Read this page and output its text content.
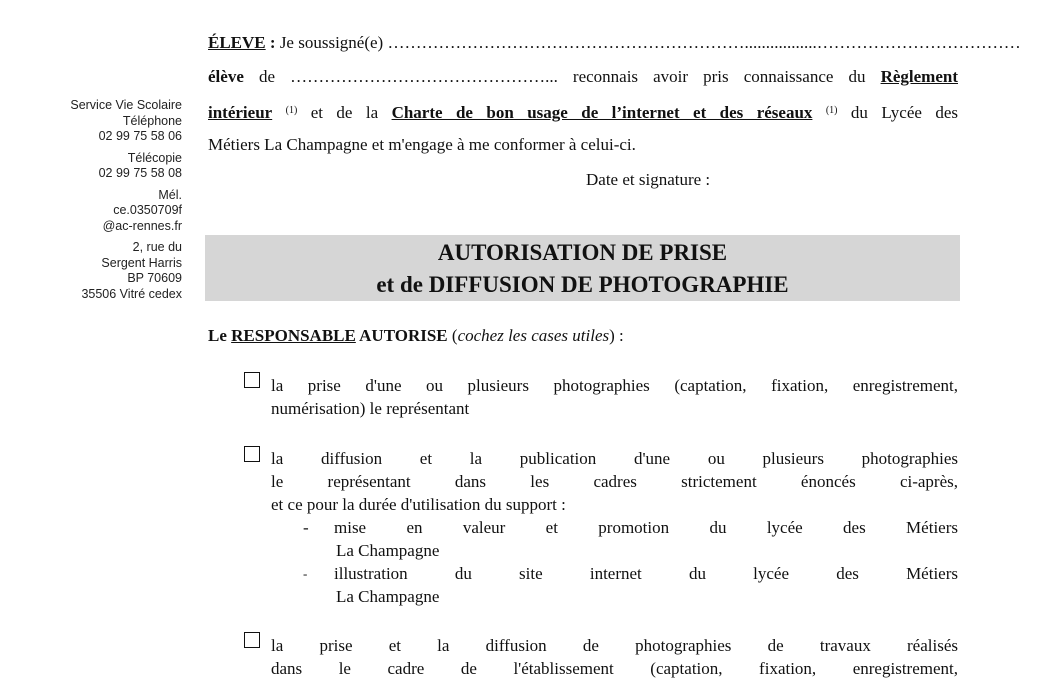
Service Vie Scolaire
Téléphone
02 99 75 58 06
Télécopie
02 99 75 58 08
Mél.
ce.0350709f
@ac-rennes.fr
2, rue du
Sergent Harris
BP 70609
35506 Vitré cedex
ÉLEVE : Je soussigné(e) ……………………………………………………….................………………………………
élève de ………………………………………... reconnais avoir pris connaissance du Règlement
intérieur $^{(1)}$ et de la Charte de bon usage de l’internet et des réseaux $^{(1)}$ du Lycée des
Métiers La Champagne et m'engage à me conformer à celui-ci.
Date et signature :
AUTORISATION DE PRISE
et de DIFFUSION DE PHOTOGRAPHIE
Le RESPONSABLE AUTORISE (cochez les cases utiles) :
la prise d'une ou plusieurs photographies (captation, fixation, enregistrement,
numérisation) le représentant
la diffusion et la publication d'une ou plusieurs photographies
le représentant dans les cadres strictement énoncés ci-après,
et ce pour la durée d'utilisation du support :
- mise en valeur et promotion du lycée des Métiers
La Champagne
- illustration du site internet du lycée des Métiers
La Champagne
la prise et la diffusion de photographies de travaux réalisés
dans le cadre de l'établissement (captation, fixation, enregistrement,
